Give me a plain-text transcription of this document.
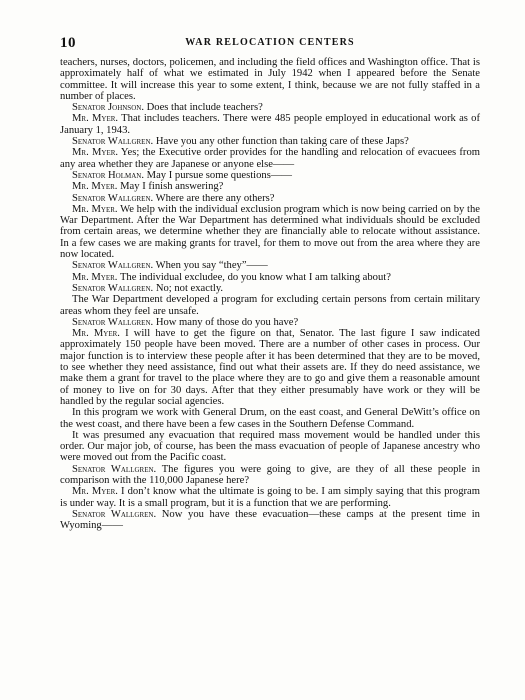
10	WAR RELOCATION CENTERS

teachers, nurses, doctors, policemen, and including the field offices and Washington office. That is approximately half of what we estimated in July 1942 when I appeared before the Senate committee. It will increase this year to some extent, I think, because we are not fully staffed in a number of places.

Senator Johnson. Does that include teachers?

Mr. Myer. That includes teachers. There were 485 people employed in educational work as of January 1, 1943.

Senator Wallgren. Have you any other function than taking care of these Japs?

Mr. Myer. Yes; the Executive order provides for the handling and relocation of evacuees from any area whether they are Japanese or anyone else——

Senator Holman. May I pursue some questions——

Mr. Myer. May I finish answering?

Senator Wallgren. Where are there any others?

Mr. Myer. We help with the individual exclusion program which is now being carried on by the War Department. After the War Department has determined what individuals should be excluded from certain areas, we determine whether they are financially able to relocate without assistance. In a few cases we are making grants for travel, for them to move out from the area where they are now located.

Senator Wallgren. When you say “they”——

Mr. Myer. The individual excludee, do you know what I am talking about?

Senator Wallgren. No; not exactly.

The War Department developed a program for excluding certain persons from certain military areas whom they feel are unsafe.

Senator Wallgren. How many of those do you have?

Mr. Myer. I will have to get the figure on that, Senator. The last figure I saw indicated approximately 150 people have been moved. There are a number of other cases in process. Our major function is to interview these people after it has been determined that they are to be moved, to see whether they need assistance, find out what their assets are. If they do need assistance, we make them a grant for travel to the place where they are to go and give them a reasonable amount of money to live on for 30 days. After that they either presumably have work or they will be handled by the regular social agencies.

In this program we work with General Drum, on the east coast, and General DeWitt’s office on the west coast, and there have been a few cases in the Southern Defense Command.

It was presumed any evacuation that required mass movement would be handled under this order. Our major job, of course, has been the mass evacuation of people of Japanese ancestry who were moved out from the Pacific coast.

Senator Wallgren. The figures you were going to give, are they of all these people in comparison with the 110,000 Japanese here?

Mr. Myer. I don’t know what the ultimate is going to be. I am simply saying that this program is under way. It is a small program, but it is a function that we are performing.

Senator Wallgren. Now you have these evacuation—these camps at the present time in Wyoming——
